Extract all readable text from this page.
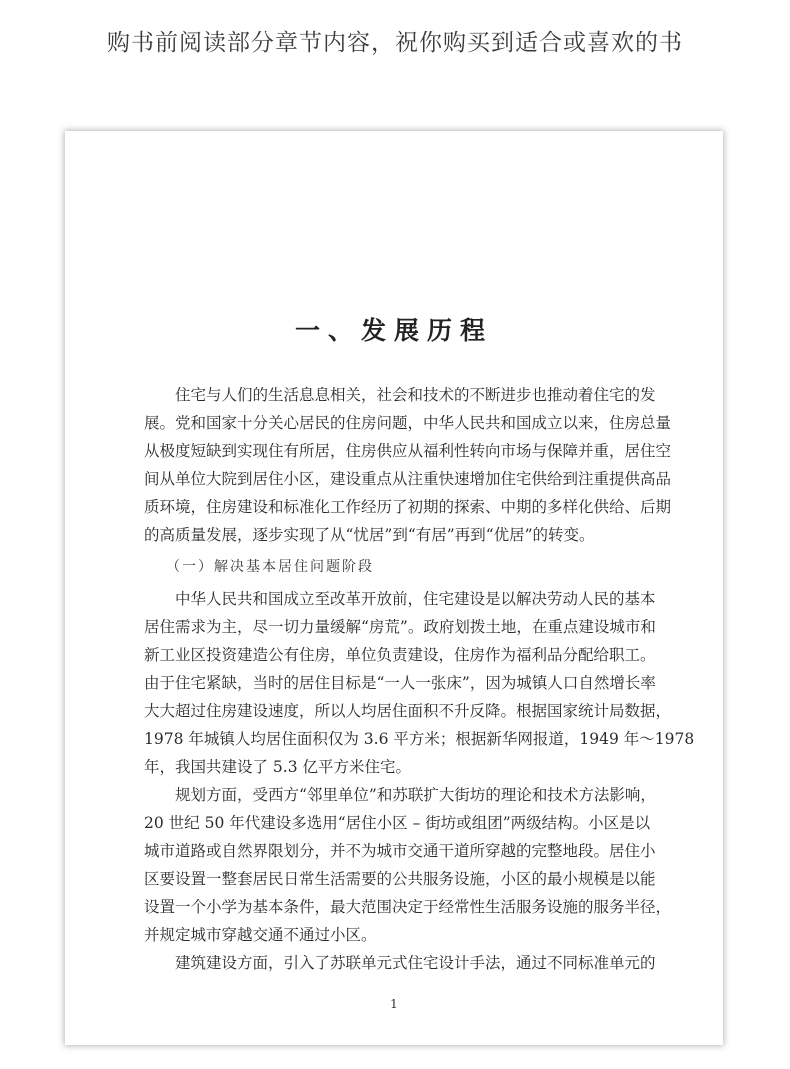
购书前阅读部分章节内容，祝你购买到适合或喜欢的书
一、发展历程
住宅与人们的生活息息相关，社会和技术的不断进步也推动着住宅的发
展。党和国家十分关心居民的住房问题，中华人民共和国成立以来，住房总量
从极度短缺到实现住有所居，住房供应从福利性转向市场与保障并重，居住空
间从单位大院到居住小区，建设重点从注重快速增加住宅供给到注重提供高品
质环境，住房建设和标准化工作经历了初期的探索、中期的多样化供给、后期
的高质量发展，逐步实现了从“忧居”到“有居”再到“优居”的转变。
（一）解决基本居住问题阶段
中华人民共和国成立至改革开放前，住宅建设是以解决劳动人民的基本
居住需求为主，尽一切力量缓解“房荒”。政府划拨土地，在重点建设城市和
新工业区投资建造公有住房，单位负责建设，住房作为福利品分配给职工。
由于住宅紧缺，当时的居住目标是“一人一张床”，因为城镇人口自然增长率
大大超过住房建设速度，所以人均居住面积不升反降。根据国家统计局数据，
1978 年城镇人均居住面积仅为 3.6 平方米；根据新华网报道，1949 年～1978
年，我国共建设了 5.3 亿平方米住宅。
规划方面，受西方“邻里单位”和苏联扩大街坊的理论和技术方法影响，
20 世纪 50 年代建设多选用“居住小区 – 街坊或组团”两级结构。小区是以
城市道路或自然界限划分，并不为城市交通干道所穿越的完整地段。居住小
区要设置一整套居民日常生活需要的公共服务设施，小区的最小规模是以能
设置一个小学为基本条件，最大范围决定于经常性生活服务设施的服务半径，
并规定城市穿越交通不通过小区。
建筑建设方面，引入了苏联单元式住宅设计手法，通过不同标准单元的
1
